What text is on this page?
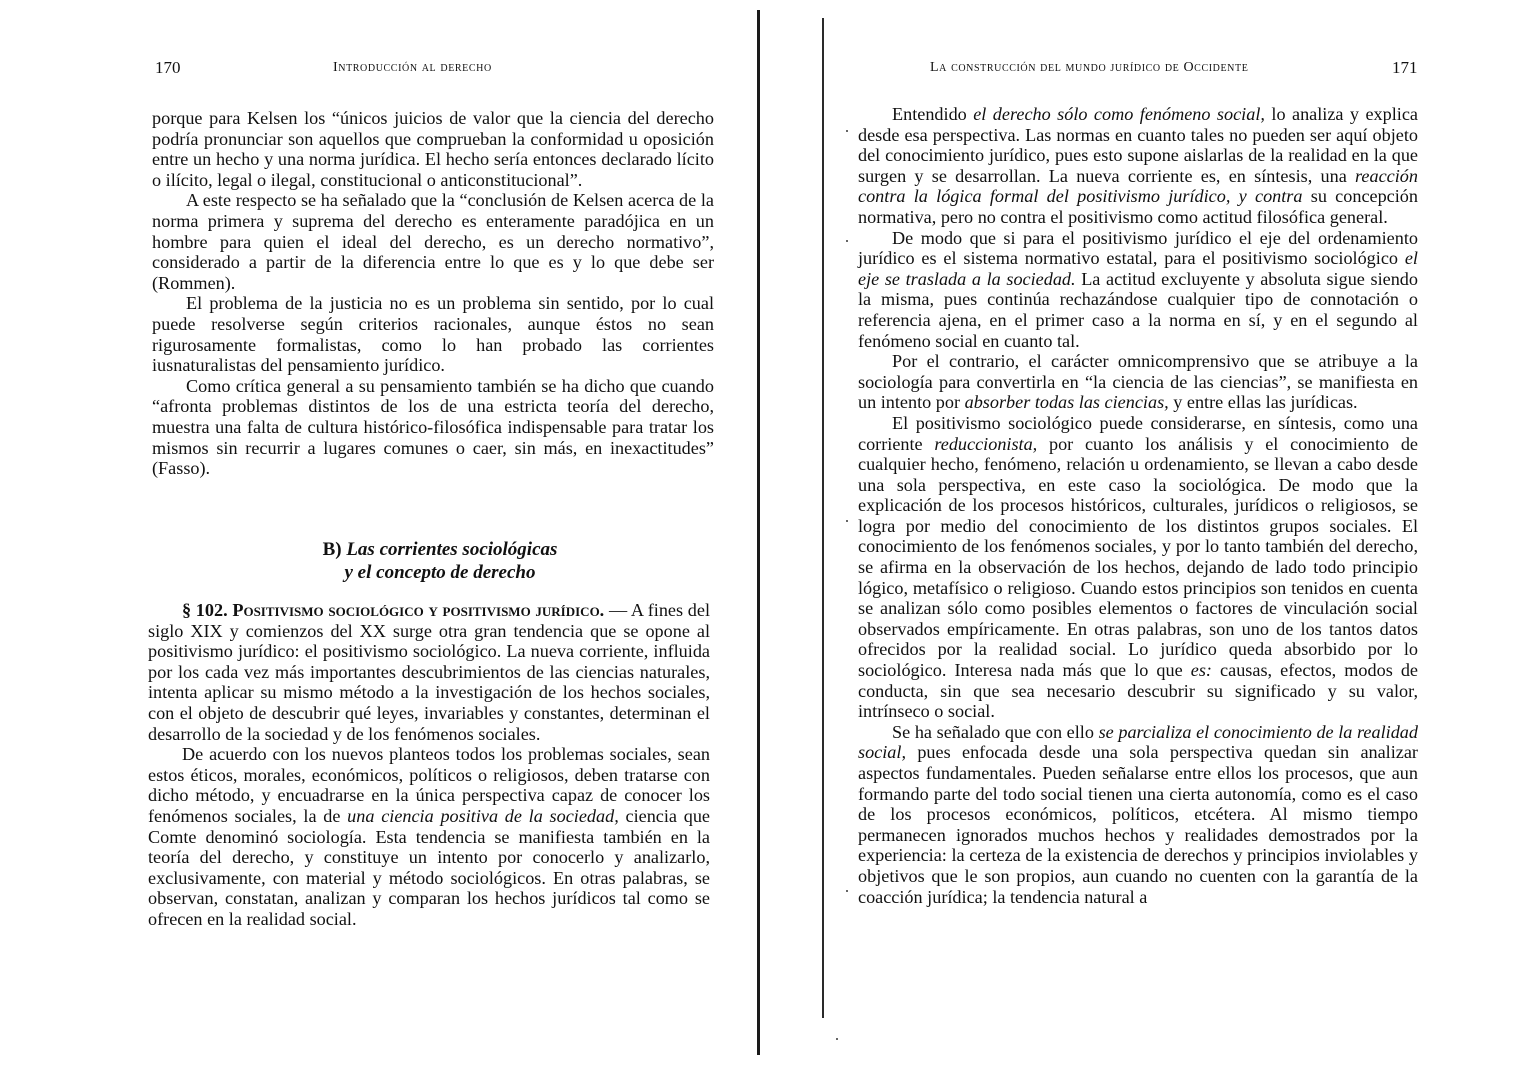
170	Introducción al derecho

porque para Kelsen los “únicos juicios de valor que la ciencia del derecho podría pronunciar son aquellos que comprueban la conformidad u oposición entre un hecho y una norma jurídica. El hecho sería entonces declarado lícito o ilícito, legal o ilegal, constitucional o anticonstitucional”.

A este respecto se ha señalado que la “conclusión de Kelsen acerca de la norma primera y suprema del derecho es enteramente paradójica en un hombre para quien el ideal del derecho, es un derecho normativo”, considerado a partir de la diferencia entre lo que es y lo que debe ser (Rommen).

El problema de la justicia no es un problema sin sentido, por lo cual puede resolverse según criterios racionales, aunque éstos no sean rigurosamente formalistas, como lo han probado las corrientes iusnaturalistas del pensamiento jurídico.

Como crítica general a su pensamiento también se ha dicho que cuando “afronta problemas distintos de los de una estricta teoría del derecho, muestra una falta de cultura histórico-filosófica indispensable para tratar los mismos sin recurrir a lugares comunes o caer, sin más, en inexactitudes” (Fasso).

B) Las corrientes sociológicas
y el concepto de derecho

§ 102. Positivismo sociológico y positivismo jurídico. — A fines del siglo XIX y comienzos del XX surge otra gran tendencia que se opone al positivismo jurídico: el positivismo sociológico. La nueva corriente, influida por los cada vez más importantes descubrimientos de las ciencias naturales, intenta aplicar su mismo método a la investigación de los hechos sociales, con el objeto de descubrir qué leyes, invariables y constantes, determinan el desarrollo de la sociedad y de los fenómenos sociales.

De acuerdo con los nuevos planteos todos los problemas sociales, sean estos éticos, morales, económicos, políticos o religiosos, deben tratarse con dicho método, y encuadrarse en la única perspectiva capaz de conocer los fenómenos sociales, la de una ciencia positiva de la sociedad, ciencia que Comte denominó sociología. Esta tendencia se manifiesta también en la teoría del derecho, y constituye un intento por conocerlo y analizarlo, exclusivamente, con material y método sociológicos. En otras palabras, se observan, constatan, analizan y comparan los hechos jurídicos tal como se ofrecen en la realidad social.

La construcción del mundo jurídico de Occidente	171

Entendido el derecho sólo como fenómeno social, lo analiza y explica desde esa perspectiva. Las normas en cuanto tales no pueden ser aquí objeto del conocimiento jurídico, pues esto supone aislarlas de la realidad en la que surgen y se desarrollan. La nueva corriente es, en síntesis, una reacción contra la lógica formal del positivismo jurídico, y contra su concepción normativa, pero no contra el positivismo como actitud filosófica general.

De modo que si para el positivismo jurídico el eje del ordenamiento jurídico es el sistema normativo estatal, para el positivismo sociológico el eje se traslada a la sociedad. La actitud excluyente y absoluta sigue siendo la misma, pues continúa rechazándose cualquier tipo de connotación o referencia ajena, en el primer caso a la norma en sí, y en el segundo al fenómeno social en cuanto tal.

Por el contrario, el carácter omnicomprensivo que se atribuye a la sociología para convertirla en “la ciencia de las ciencias”, se manifiesta en un intento por absorber todas las ciencias, y entre ellas las jurídicas.

El positivismo sociológico puede considerarse, en síntesis, como una corriente reduccionista, por cuanto los análisis y el conocimiento de cualquier hecho, fenómeno, relación u ordenamiento, se llevan a cabo desde una sola perspectiva, en este caso la sociológica. De modo que la explicación de los procesos históricos, culturales, jurídicos o religiosos, se logra por medio del conocimiento de los distintos grupos sociales. El conocimiento de los fenómenos sociales, y por lo tanto también del derecho, se afirma en la observación de los hechos, dejando de lado todo principio lógico, metafísico o religioso. Cuando estos principios son tenidos en cuenta se analizan sólo como posibles elementos o factores de vinculación social observados empíricamente. En otras palabras, son uno de los tantos datos ofrecidos por la realidad social. Lo jurídico queda absorbido por lo sociológico. Interesa nada más que lo que es: causas, efectos, modos de conducta, sin que sea necesario descubrir su significado y su valor, intrínseco o social.

Se ha señalado que con ello se parcializa el conocimiento de la realidad social, pues enfocada desde una sola perspectiva quedan sin analizar aspectos fundamentales. Pueden señalarse entre ellos los procesos, que aun formando parte del todo social tienen una cierta autonomía, como es el caso de los procesos económicos, políticos, etcétera. Al mismo tiempo permanecen ignorados muchos hechos y realidades demostrados por la experiencia: la certeza de la existencia de derechos y principios inviolables y objetivos que le son propios, aun cuando no cuenten con la garantía de la coacción jurídica; la tendencia natural a
